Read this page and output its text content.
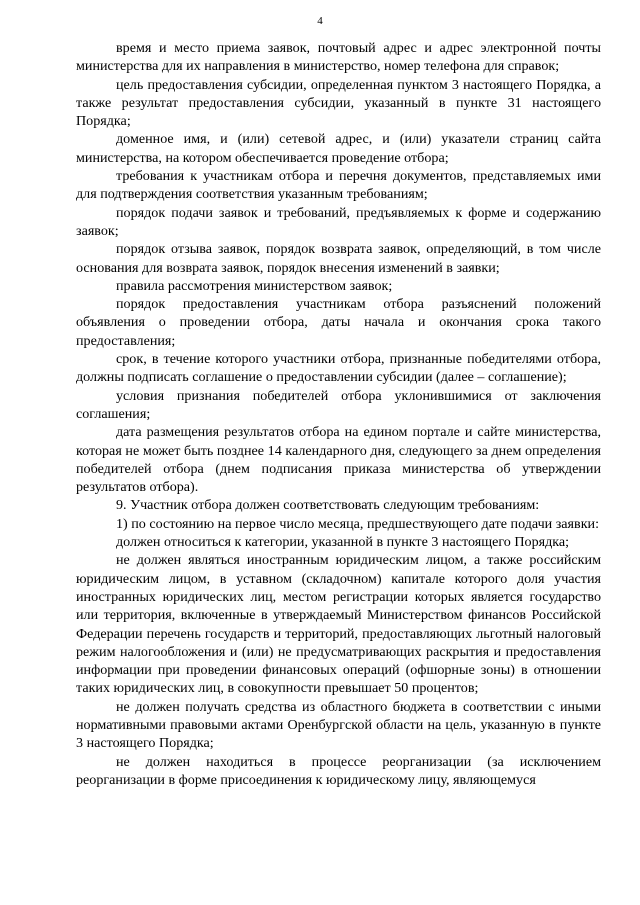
4

время и место приема заявок, почтовый адрес и адрес электронной почты министерства для их направления в министерство, номер телефона для справок;

цель предоставления субсидии, определенная пунктом 3 настоящего Порядка, а также результат предоставления субсидии, указанный в пункте 31 настоящего Порядка;

доменное имя, и (или) сетевой адрес, и (или) указатели страниц сайта министерства, на котором обеспечивается проведение отбора;

требования к участникам отбора и перечня документов, представляемых ими для подтверждения соответствия указанным требованиям;

порядок подачи заявок и требований, предъявляемых к форме и содержанию заявок;

порядок отзыва заявок, порядок возврата заявок, определяющий, в том числе основания для возврата заявок, порядок внесения изменений в заявки;

правила рассмотрения министерством заявок;

порядок предоставления участникам отбора разъяснений положений объявления о проведении отбора, даты начала и окончания срока такого предоставления;

срок, в течение которого участники отбора, признанные победителями отбора, должны подписать соглашение о предоставлении субсидии (далее – соглашение);

условия признания победителей отбора уклонившимися от заключения соглашения;

дата размещения результатов отбора на едином портале и сайте министерства, которая не может быть позднее 14 календарного дня, следующего за днем определения победителей отбора (днем подписания приказа министерства об утверждении результатов отбора).

9. Участник отбора должен соответствовать следующим требованиям:

1) по состоянию на первое число месяца, предшествующего дате подачи заявки:

должен относиться к категории, указанной в пункте 3 настоящего Порядка;

не должен являться иностранным юридическим лицом, а также российским юридическим лицом, в уставном (складочном) капитале которого доля участия иностранных юридических лиц, местом регистрации которых является государство или территория, включенные в утверждаемый Министерством финансов Российской Федерации перечень государств и территорий, предоставляющих льготный налоговый режим налогообложения и (или) не предусматривающих раскрытия и предоставления информации при проведении финансовых операций (офшорные зоны) в отношении таких юридических лиц, в совокупности превышает 50 процентов;

не должен получать средства из областного бюджета в соответствии с иными нормативными правовыми актами Оренбургской области на цель, указанную в пункте 3 настоящего Порядка;

не должен находиться в процессе реорганизации (за исключением реорганизации в форме присоединения к юридическому лицу, являющемуся
